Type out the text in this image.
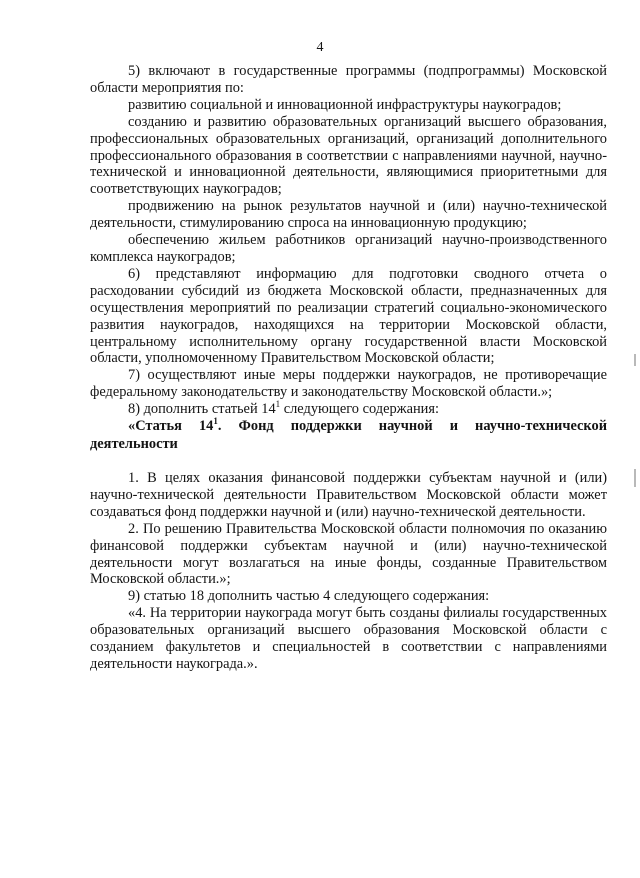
4

5) включают в государственные программы (подпрограммы) Московской области мероприятия по:

развитию социальной и инновационной инфраструктуры наукоградов;

созданию и развитию образовательных организаций высшего образования, профессиональных образовательных организаций, организаций дополнительного профессионального образования в соответствии с направлениями научной, научно-технической и инновационной деятельности, являющимися приоритетными для соответствующих наукоградов;

продвижению на рынок результатов научной и (или) научно-технической деятельности, стимулированию спроса на инновационную продукцию;

обеспечению жильем работников организаций научно-производственного комплекса наукоградов;

6) представляют информацию для подготовки сводного отчета о расходовании субсидий из бюджета Московской области, предназначенных для осуществления мероприятий по реализации стратегий социально-экономического развития наукоградов, находящихся на территории Московской области, центральному исполнительному органу государственной власти Московской области, уполномоченному Правительством Московской области;

7) осуществляют иные меры поддержки наукоградов, не противоречащие федеральному законодательству и законодательству Московской области.»;

8) дополнить статьей $14^1$ следующего содержания:

«Статья $14^1$. Фонд поддержки научной и научно-технической деятельности

1. В целях оказания финансовой поддержки субъектам научной и (или) научно-технической деятельности Правительством Московской области может создаваться фонд поддержки научной и (или) научно-технической деятельности.

2. По решению Правительства Московской области полномочия по оказанию финансовой поддержки субъектам научной и (или) научно-технической деятельности могут возлагаться на иные фонды, созданные Правительством Московской области.»;

9) статью 18 дополнить частью 4 следующего содержания:

«4. На территории наукограда могут быть созданы филиалы государственных образовательных организаций высшего образования Московской области с созданием факультетов и специальностей в соответствии с направлениями деятельности наукограда.».
